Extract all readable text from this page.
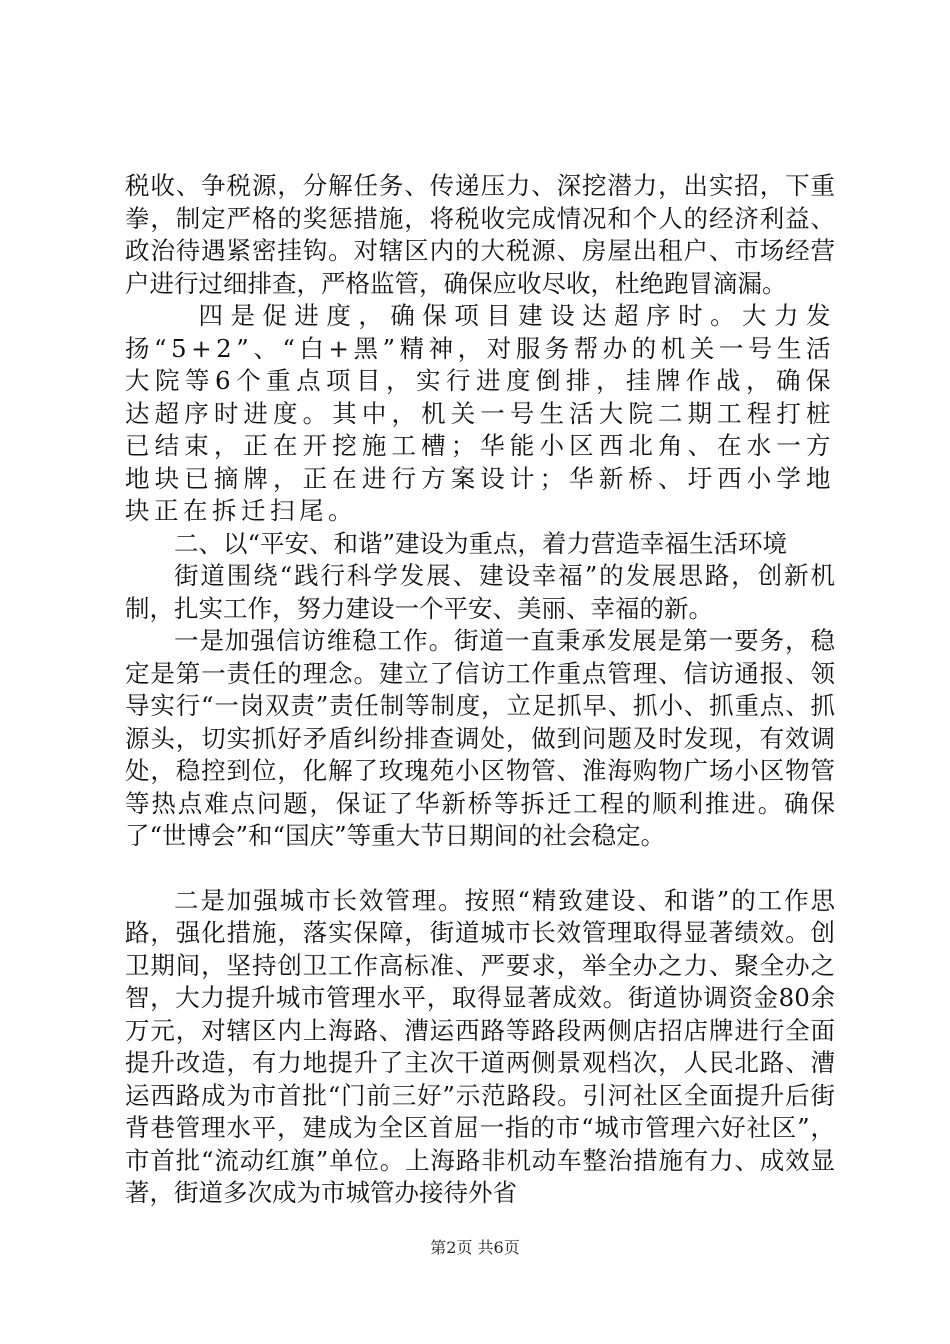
税收、争税源，分解任务、传递压力、深挖潜力，出实招，下重拳，制定严格的奖惩措施，将税收完成情况和个人的经济利益、政治待遇紧密挂钩。对辖区内的大税源、房屋出租户、市场经营户进行过细排查，严格监管，确保应收尽收，杜绝跑冒滴漏。

四是促进度，确保项目建设达超序时。大力发扬“5+2”、“白+黑”精神，对服务帮办的机关一号生活大院等6个重点项目，实行进度倒排，挂牌作战，确保达超序时进度。其中，机关一号生活大院二期工程打桩已结束，正在开挖施工槽；华能小区西北角、在水一方地块已摘牌，正在进行方案设计；华新桥、圩西小学地块正在拆迁扫尾。

二、以“平安、和谐”建设为重点，着力营造幸福生活环境

街道围绕“践行科学发展、建设幸福”的发展思路，创新机制，扎实工作，努力建设一个平安、美丽、幸福的新。

一是加强信访维稳工作。街道一直秉承发展是第一要务，稳定是第一责任的理念。建立了信访工作重点管理、信访通报、领导实行“一岗双责”责任制等制度，立足抓早、抓小、抓重点、抓源头，切实抓好矛盾纠纷排查调处，做到问题及时发现，有效调处，稳控到位，化解了玫瑰苑小区物管、淮海购物广场小区物管等热点难点问题，保证了华新桥等拆迁工程的顺利推进。确保了“世博会”和“国庆”等重大节日期间的社会稳定。

二是加强城市长效管理。按照“精致建设、和谐”的工作思路，强化措施，落实保障，街道城市长效管理取得显著绩效。创卫期间，坚持创卫工作高标准、严要求，举全办之力、聚全办之智，大力提升城市管理水平，取得显著成效。街道协调资金80余万元，对辖区内上海路、漕运西路等路段两侧店招店牌进行全面提升改造，有力地提升了主次干道两侧景观档次，人民北路、漕运西路成为市首批“门前三好”示范路段。引河社区全面提升后街背巷管理水平，建成为全区首屈一指的市“城市管理六好社区”，市首批“流动红旗”单位。上海路非机动车整治措施有力、成效显著，街道多次成为市城管办接待外省

第2页 共6页
